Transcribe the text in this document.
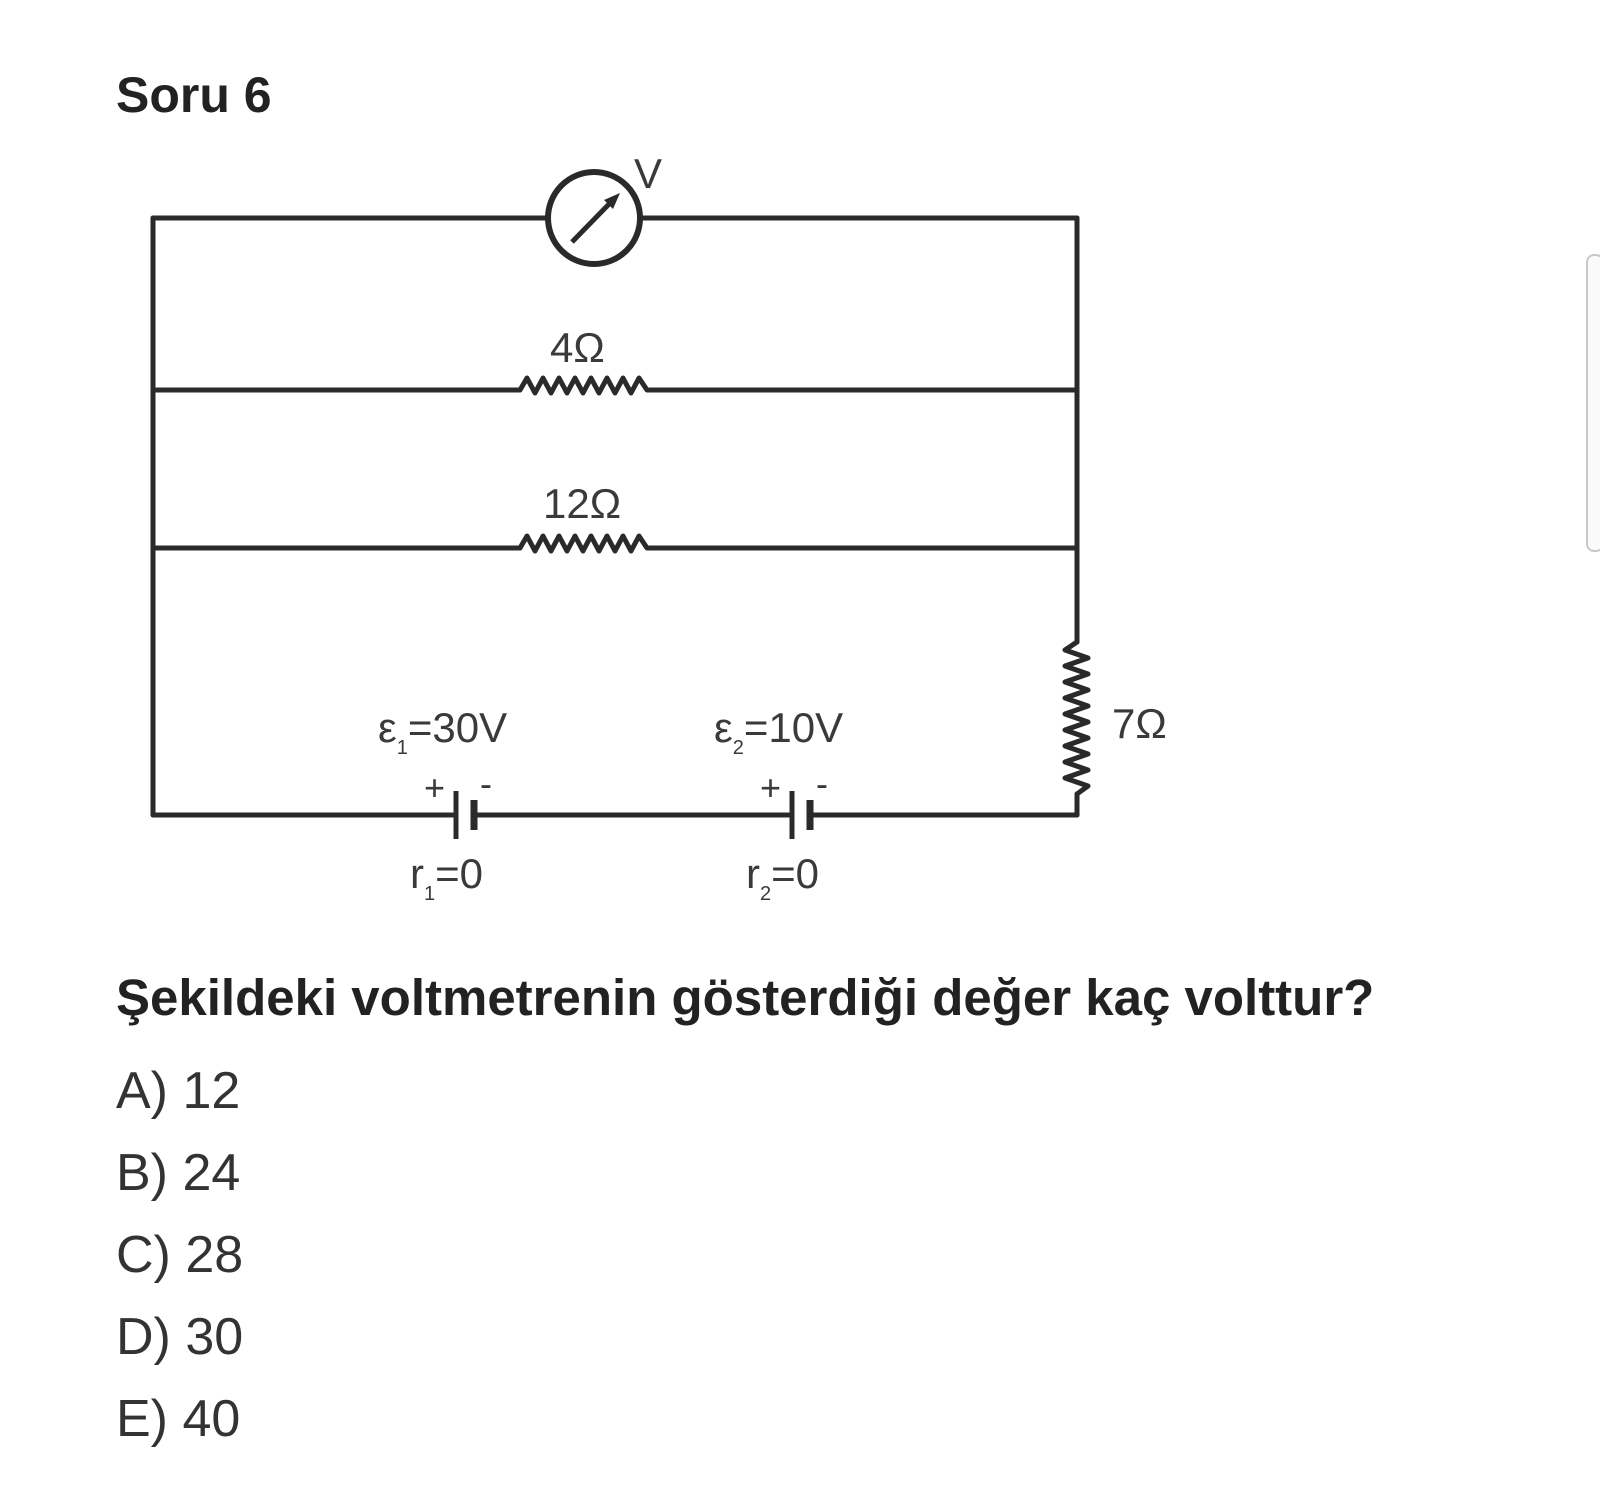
Soru 6
V
4Ω
12Ω
7Ω
$\varepsilon_1=30V$	$\varepsilon_2=10V$
+ -	+ -
$r_1=0$	$r_2=0$

Şekildeki voltmetrenin gösterdiği değer kaç volttur?

A) 12
B) 24
C) 28
D) 30
E) 40
